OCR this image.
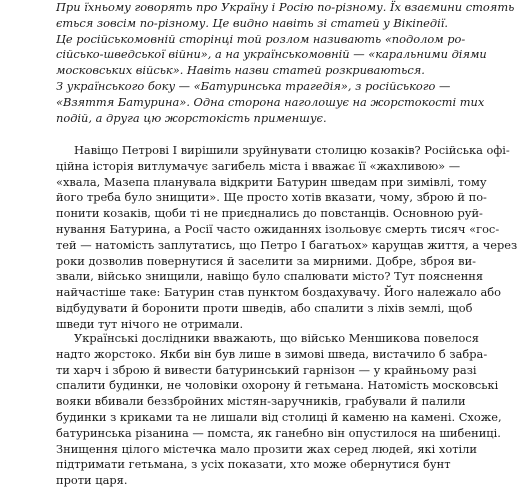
При їхньому говорять про Україну і Росію по-різному. Їх взаємини стоять
ється зовсім по-різному. Це видно навіть зі статей у Вікіпедії.
Це російськомовній сторінці той розлом називають «подолом ро-
сійсько-шведської війни», а на українськомовній — «каральними діями
московських військ». Навіть назви статей розкриваються.
З українського боку — «Батуринська трагедія», з російського —
«Взяття Батурина». Одна сторона наголошує на жорстокості тих
подій, а друга цю жорстокість применшує.
Навіщо Петрові I вирішили зруйнувати столицю козаків? Російська офі-
ційна історія витлумачує загибель міста і вважає її «жахливою» —
«хвала, Мазепа планувала відкрити Батурин шведам при зимівлі, тому
його треба було знищити». Ще просто хотів вказати, чому, зброю й по-
понити козаків, щоби ті не приєднались до повстанців. Основною руй-
нування Батурина, а Росії часто ожиданнях ізольовує смерть тисяч «гос-
тей — натомість заплутатись, що Петро I багатьох» карущав життя, а через
роки дозволив повернутися й заселити за мирними. Добре, зброя ви-
звали, військо знищили, навіщо було спалювати місто? Тут пояснення
найчастіше таке: Батурин став пунктом боздахувачу. Його належало або
відбудувати й боронити проти шведів, або спалити з ліхів землі, щоб
шведи тут нічого не отримали.
Українські дослідники вважають, що військо Меншикова повелося
надто жорстоко. Якби він був лише в зимові шведа, вистачило б забра-
ти харч і зброю й вивести батуринський гарнізон — у крайньому разі
спалити будинки, не чоловіки охорону й гетьмана. Натомість московські
вояки вбивали беззбройних містян-заручників, грабували й палили
будинки з криками та не лишали від столиці й каменю на камені. Схоже,
батуринська різанина — помста, як ганебно він опустилося на шибениці.
Знищення цілого містечка мало прозити жах серед людей, які хотіли
підтримати гетьмана, з усіх показати, хто може обернутися бунт
проти царя.
